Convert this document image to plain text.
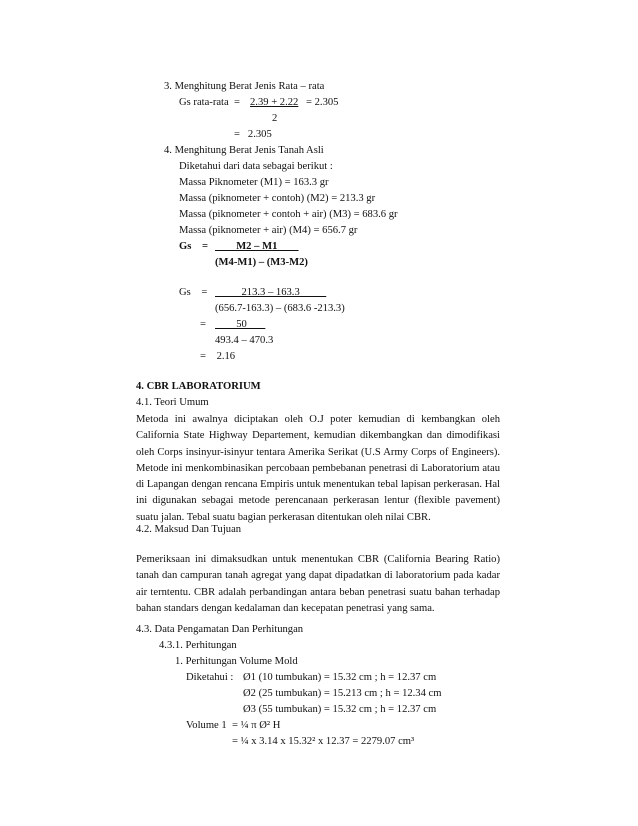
3. Menghitung Berat Jenis Rata – rata
Gs rata-rata  = 2.39 + 2.22 = 2.305
2
=   2.305
4. Menghitung Berat Jenis Tanah Asli
Diketahui dari data sebagai berikut :
Massa Piknometer (M1) = 163.3 gr
Massa (piknometer + contoh) (M2) = 213.3 gr
Massa (piknometer + contoh + air) (M3) = 683.6 gr
Massa (piknometer + air) (M4) = 656.7 gr
Gs    = M2 – M1
(M4-M1) – (M3-M2)
Gs    = 213.3 – 163.3
(656.7-163.3) – (683.6 -213.3)
= 50
493.4 – 470.3
=    2.16
4. CBR LABORATORIUM
4.1. Teori Umum
Metoda ini awalnya diciptakan oleh O.J poter kemudian di kembangkan oleh California State Highway Departement, kemudian dikembangkan dan dimodifikasi oleh Corps insinyur-isinyur tentara Amerika Serikat (U.S Army Corps of Engineers). Metode ini menkombinasikan percobaan pembebanan penetrasi di Laboratorium atau di Lapangan dengan rencana Empiris untuk menentukan tebal lapisan perkerasan. Hal ini digunakan sebagai metode perencanaan perkerasan lentur (flexible pavement) suatu jalan. Tebal suatu bagian perkerasan ditentukan oleh nilai CBR.
4.2. Maksud Dan Tujuan
Pemeriksaan ini dimaksudkan untuk menentukan CBR (California Bearing Ratio) tanah dan campuran tanah agregat yang dapat dipadatkan di laboratorium pada kadar air terntentu. CBR adalah perbandingan antara beban penetrasi suatu bahan terhadap bahan standars dengan kedalaman dan kecepatan penetrasi yang sama.
4.3. Data Pengamatan Dan Perhitungan
4.3.1. Perhitungan
1. Perhitungan Volume Mold
Diketahui : Ø1 (10 tumbukan) = 15.32 cm ; h = 12.37 cm
Ø2 (25 tumbukan) = 15.213 cm ; h = 12.34 cm
Ø3 (55 tumbukan) = 15.32 cm ; h = 12.37 cm
Volume 1 = ¼ π Ø² H
= ¼ x 3.14 x 15.32² x 12.37 = 2279.07 cm³
